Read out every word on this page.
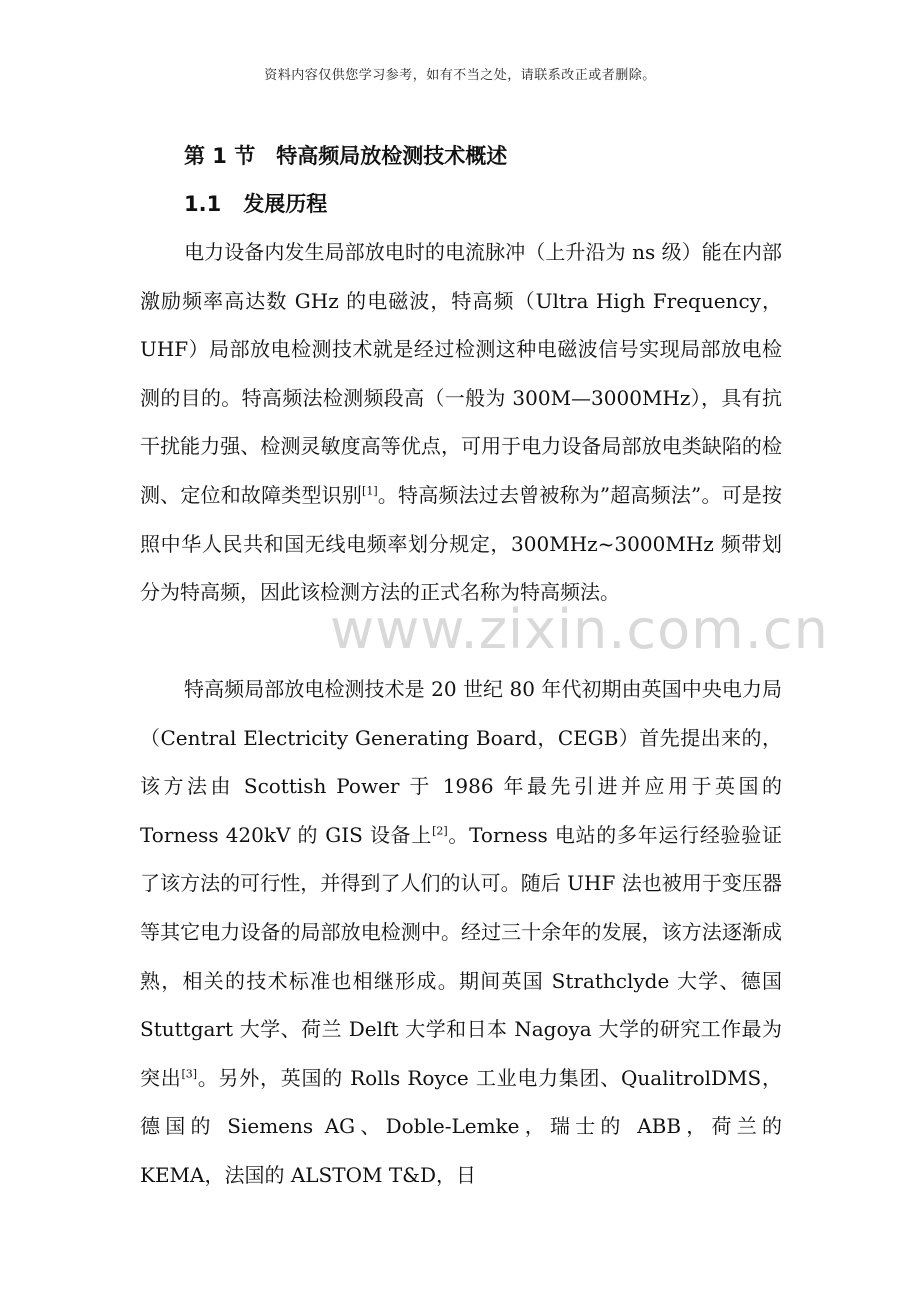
资料内容仅供您学习参考，如有不当之处，请联系改正或者删除。
第 1 节　特高频局放检测技术概述
1.1 发展历程
电力设备内发生局部放电时的电流脉冲（上升沿为 ns 级）能在内部激励频率高达数 GHz 的电磁波，特高频（Ultra High Frequency，UHF）局部放电检测技术就是经过检测这种电磁波信号实现局部放电检测的目的。特高频法检测频段高（一般为 300M—3000MHz），具有抗干扰能力强、检测灵敏度高等优点，可用于电力设备局部放电类缺陷的检测、定位和故障类型识别[1]。特高频法过去曾被称为”超高频法”。可是按照中华人民共和国无线电频率划分规定，300MHz~3000MHz 频带划分为特高频，因此该检测方法的正式名称为特高频法。
特高频局部放电检测技术是 20 世纪 80 年代初期由英国中央电力局（Central Electricity Generating Board，CEGB）首先提出来的，该方法由 Scottish Power 于 1986 年最先引进并应用于英国的 Torness 420kV 的 GIS 设备上[2]。Torness 电站的多年运行经验验证了该方法的可行性，并得到了人们的认可。随后 UHF 法也被用于变压器等其它电力设备的局部放电检测中。经过三十余年的发展，该方法逐渐成熟，相关的技术标准也相继形成。期间英国 Strathclyde 大学、德国 Stuttgart 大学、荷兰 Delft 大学和日本 Nagoya 大学的研究工作最为突出[3]。另外，英国的 Rolls Royce 工业电力集团、QualitrolDMS，德国的 Siemens AG、Doble-Lemke，瑞士的 ABB，荷兰的 KEMA，法国的 ALSTOM T&D，日
www.zixin.com.cn
